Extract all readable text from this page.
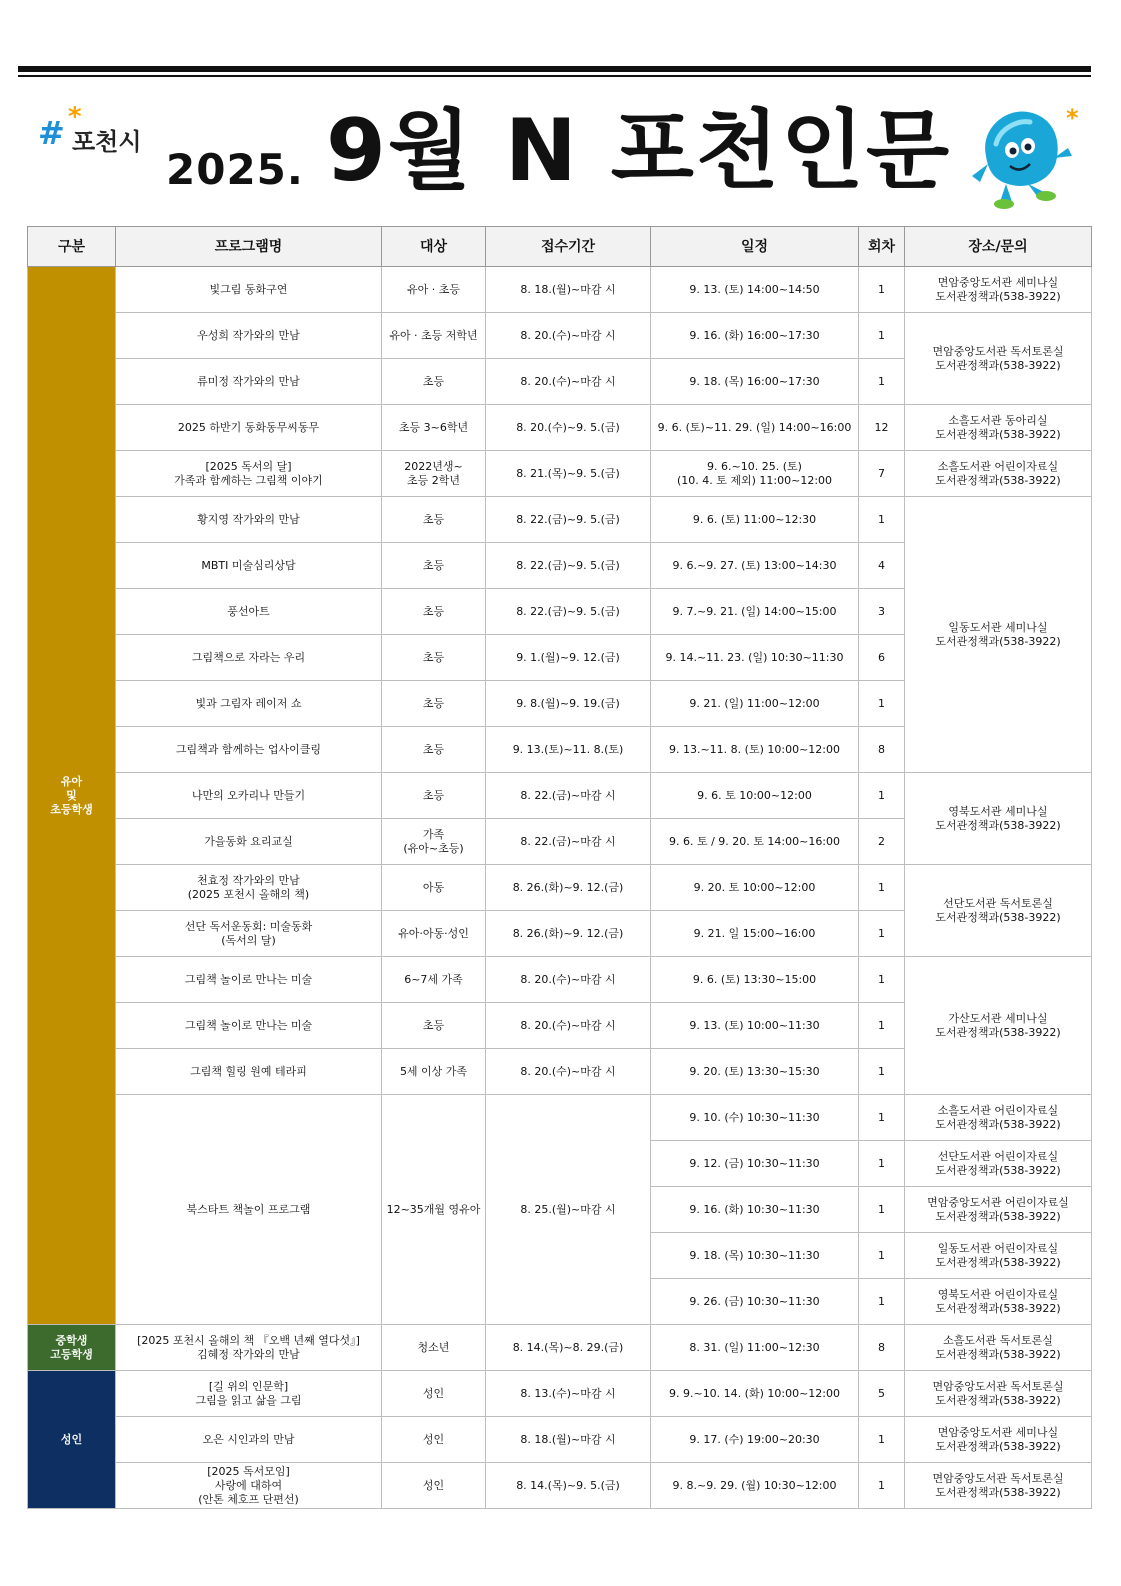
# *
포천시
2025. 9월 N 포천인문	*
구분	프로그램명	대상	접수기간	일정	회차	장소/문의
유아
및
초등학생	빛그림 동화구연	유아 · 초등	8. 18.(월)~마감 시	9. 13. (토) 14:00~14:50	1	면암중앙도서관 세미나실
도서관정책과(538-3922)
	우성희 작가와의 만남	유아 · 초등 저학년	8. 20.(수)~마감 시	9. 16. (화) 16:00~17:30	1	면암중앙도서관 독서토론실
도서관정책과(538-3922)
	류미정 작가와의 만남	초등	8. 20.(수)~마감 시	9. 18. (목) 16:00~17:30	1	
	2025 하반기 동화동무씨동무	초등 3~6학년	8. 20.(수)~9. 5.(금)	9. 6. (토)~11. 29. (일) 14:00~16:00	12	소흘도서관 동아리실
도서관정책과(538-3922)
	[2025 독서의 달]
가족과 함께하는 그림책 이야기	2022년생~
초등 2학년	8. 21.(목)~9. 5.(금)	9. 6.~10. 25. (토)
(10. 4. 토 제외) 11:00~12:00	7	소흘도서관 어린이자료실
도서관정책과(538-3922)
	황지영 작가와의 만남	초등	8. 22.(금)~9. 5.(금)	9. 6. (토) 11:00~12:30	1	일동도서관 세미나실
도서관정책과(538-3922)
	MBTI 미술심리상담	초등	8. 22.(금)~9. 5.(금)	9. 6.~9. 27. (토) 13:00~14:30	4	
	풍선아트	초등	8. 22.(금)~9. 5.(금)	9. 7.~9. 21. (일) 14:00~15:00	3	
	그림책으로 자라는 우리	초등	9. 1.(월)~9. 12.(금)	9. 14.~11. 23. (일) 10:30~11:30	6	
	빛과 그림자 레이저 쇼	초등	9. 8.(월)~9. 19.(금)	9. 21. (일) 11:00~12:00	1	
	그림책과 함께하는 업사이클링	초등	9. 13.(토)~11. 8.(토)	9. 13.~11. 8. (토) 10:00~12:00	8	
	나만의 오카리나 만들기	초등	8. 22.(금)~마감 시	9. 6. 토 10:00~12:00	1	영북도서관 세미나실
도서관정책과(538-3922)
	가을동화 요리교실	가족
(유아~초등)	8. 22.(금)~마감 시	9. 6. 토 / 9. 20. 토 14:00~16:00	2	
	천효정 작가와의 만남
(2025 포천시 올해의 책)	아동	8. 26.(화)~9. 12.(금)	9. 20. 토 10:00~12:00	1	선단도서관 독서토론실
도서관정책과(538-3922)
	선단 독서운동회: 미술동화
(독서의 달)	유아·아동·성인	8. 26.(화)~9. 12.(금)	9. 21. 일 15:00~16:00	1	
	그림책 놀이로 만나는 미술	6~7세 가족	8. 20.(수)~마감 시	9. 6. (토) 13:30~15:00	1	가산도서관 세미나실
도서관정책과(538-3922)
	그림책 놀이로 만나는 미술	초등	8. 20.(수)~마감 시	9. 13. (토) 10:00~11:30	1	
	그림책 힐링 원예 테라피	5세 이상 가족	8. 20.(수)~마감 시	9. 20. (토) 13:30~15:30	1	
	북스타트 책놀이 프로그램	12~35개월 영유아	8. 25.(월)~마감 시	9. 10. (수) 10:30~11:30	1	소흘도서관 어린이자료실
도서관정책과(538-3922)
				9. 12. (금) 10:30~11:30	1	선단도서관 어린이자료실
도서관정책과(538-3922)
				9. 16. (화) 10:30~11:30	1	면암중앙도서관 어린이자료실
도서관정책과(538-3922)
				9. 18. (목) 10:30~11:30	1	일동도서관 어린이자료실
도서관정책과(538-3922)
				9. 26. (금) 10:30~11:30	1	영북도서관 어린이자료실
도서관정책과(538-3922)
중학생
고등학생	[2025 포천시 올해의 책 『오백 년째 열다섯』]
김혜정 작가와의 만남	청소년	8. 14.(목)~8. 29.(금)	8. 31. (일) 11:00~12:30	8	소흘도서관 독서토론실
도서관정책과(538-3922)
성인	[길 위의 인문학]
그림을 읽고 삶을 그림	성인	8. 13.(수)~마감 시	9. 9.~10. 14. (화) 10:00~12:00	5	면암중앙도서관 독서토론실
도서관정책과(538-3922)
	오은 시인과의 만남	성인	8. 18.(월)~마감 시	9. 17. (수) 19:00~20:30	1	면암중앙도서관 세미나실
도서관정책과(538-3922)
	[2025 독서모임]
사랑에 대하여
(안톤 체호프 단편선)	성인	8. 14.(목)~9. 5.(금)	9. 8.~9. 29. (월) 10:30~12:00	1	면암중앙도서관 독서토론실
도서관정책과(538-3922)
